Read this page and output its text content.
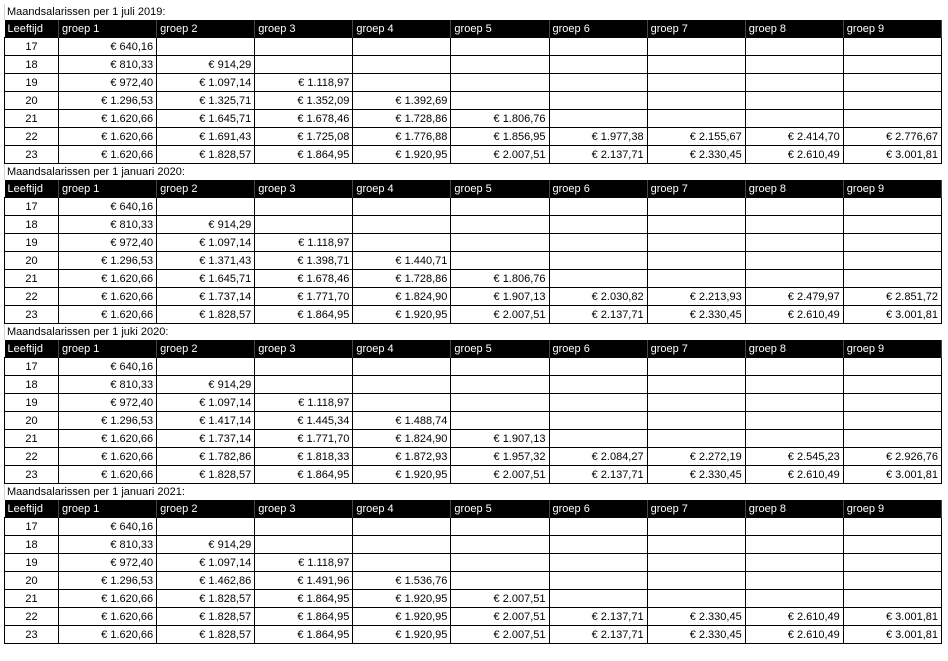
Maandsalarissen per 1 juli 2019:
Leeftijd	groep 1	groep 2	groep 3	groep 4	groep 5	groep 6	groep 7	groep 8	groep 9
17	€ 640,16								
18	€ 810,33	€ 914,29							
19	€ 972,40	€ 1.097,14	€ 1.118,97						
20	€ 1.296,53	€ 1.325,71	€ 1.352,09	€ 1.392,69					
21	€ 1.620,66	€ 1.645,71	€ 1.678,46	€ 1.728,86	€ 1.806,76				
22	€ 1.620,66	€ 1.691,43	€ 1.725,08	€ 1.776,88	€ 1.856,95	€ 1.977,38	€ 2.155,67	€ 2.414,70	€ 2.776,67
23	€ 1.620,66	€ 1.828,57	€ 1.864,95	€ 1.920,95	€ 2.007,51	€ 2.137,71	€ 2.330,45	€ 2.610,49	€ 3.001,81
Maandsalarissen per 1 januari 2020:
Leeftijd	groep 1	groep 2	groep 3	groep 4	groep 5	groep 6	groep 7	groep 8	groep 9
17	€ 640,16								
18	€ 810,33	€ 914,29							
19	€ 972,40	€ 1.097,14	€ 1.118,97						
20	€ 1.296,53	€ 1.371,43	€ 1.398,71	€ 1.440,71					
21	€ 1.620,66	€ 1.645,71	€ 1.678,46	€ 1.728,86	€ 1.806,76				
22	€ 1.620,66	€ 1.737,14	€ 1.771,70	€ 1.824,90	€ 1.907,13	€ 2.030,82	€ 2.213,93	€ 2.479,97	€ 2.851,72
23	€ 1.620,66	€ 1.828,57	€ 1.864,95	€ 1.920,95	€ 2.007,51	€ 2.137,71	€ 2.330,45	€ 2.610,49	€ 3.001,81
Maandsalarissen per 1 juki 2020:
Leeftijd	groep 1	groep 2	groep 3	groep 4	groep 5	groep 6	groep 7	groep 8	groep 9
17	€ 640,16								
18	€ 810,33	€ 914,29							
19	€ 972,40	€ 1.097,14	€ 1.118,97						
20	€ 1.296,53	€ 1.417,14	€ 1.445,34	€ 1.488,74					
21	€ 1.620,66	€ 1.737,14	€ 1.771,70	€ 1.824,90	€ 1.907,13				
22	€ 1.620,66	€ 1.782,86	€ 1.818,33	€ 1.872,93	€ 1.957,32	€ 2.084,27	€ 2.272,19	€ 2.545,23	€ 2.926,76
23	€ 1.620,66	€ 1.828,57	€ 1.864,95	€ 1.920,95	€ 2.007,51	€ 2.137,71	€ 2.330,45	€ 2.610,49	€ 3.001,81
Maandsalarissen per 1 januari 2021:
Leeftijd	groep 1	groep 2	groep 3	groep 4	groep 5	groep 6	groep 7	groep 8	groep 9
17	€ 640,16								
18	€ 810,33	€ 914,29							
19	€ 972,40	€ 1.097,14	€ 1.118,97						
20	€ 1.296,53	€ 1.462,86	€ 1.491,96	€ 1.536,76					
21	€ 1.620,66	€ 1.828,57	€ 1.864,95	€ 1.920,95	€ 2.007,51				
22	€ 1.620,66	€ 1.828,57	€ 1.864,95	€ 1.920,95	€ 2.007,51	€ 2.137,71	€ 2.330,45	€ 2.610,49	€ 3.001,81
23	€ 1.620,66	€ 1.828,57	€ 1.864,95	€ 1.920,95	€ 2.007,51	€ 2.137,71	€ 2.330,45	€ 2.610,49	€ 3.001,81
